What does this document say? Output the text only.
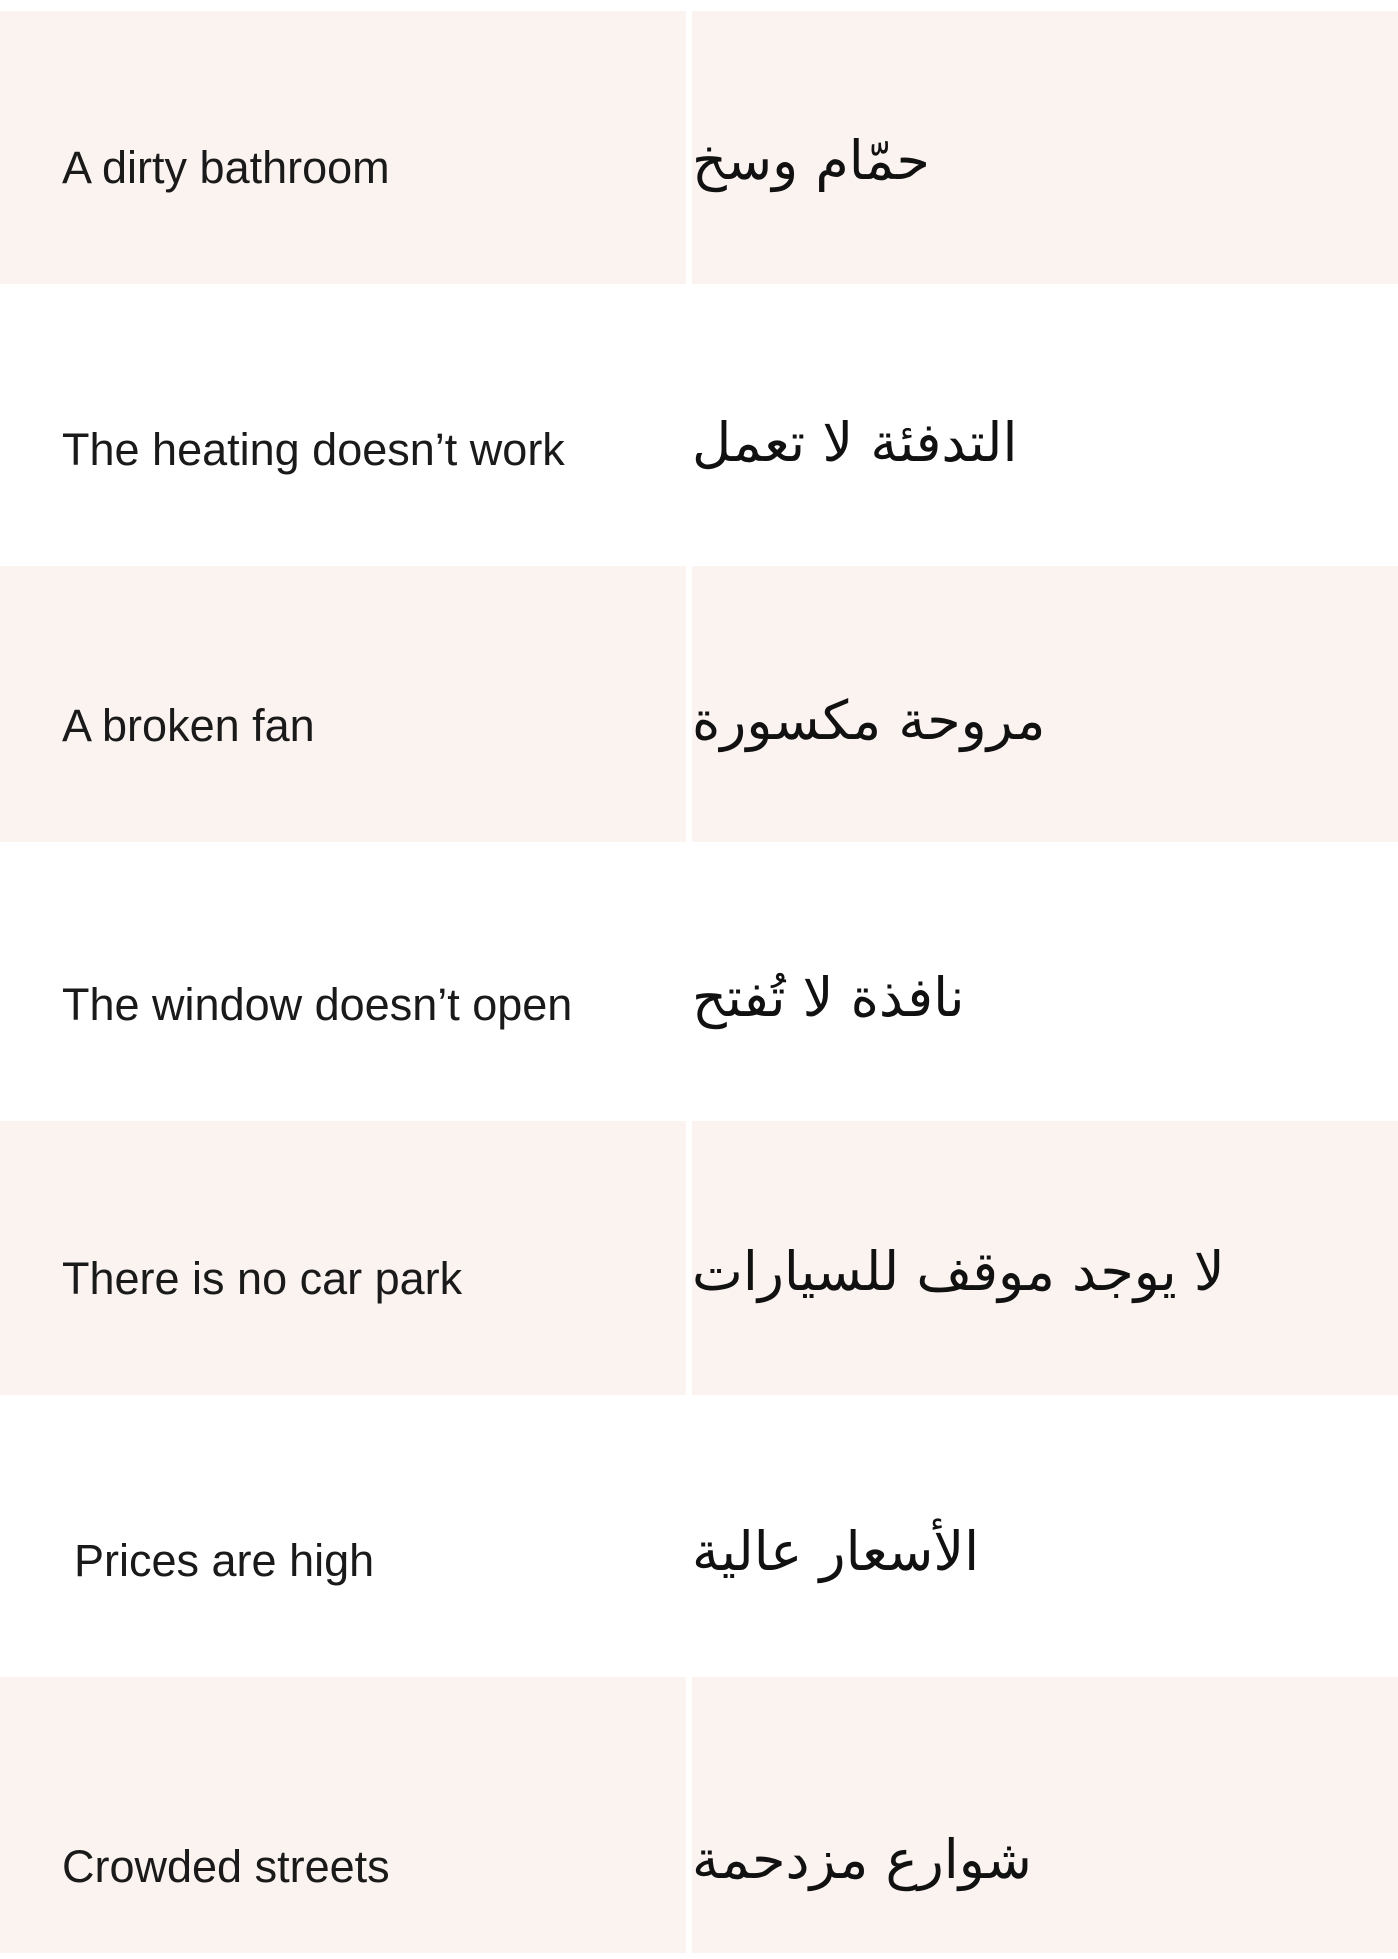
A dirty bathroom	حمّام وسخ
The heating doesn’t work التدفئة لا تعمل
A broken fan	مروحة مكسورة
The window doesn’t open نافذة لا تُفتح
There is no car park	لا يوجد موقف للسيارات
Prices are high	الأسعار عالية
Crowded streets	شوارع مزدحمة
